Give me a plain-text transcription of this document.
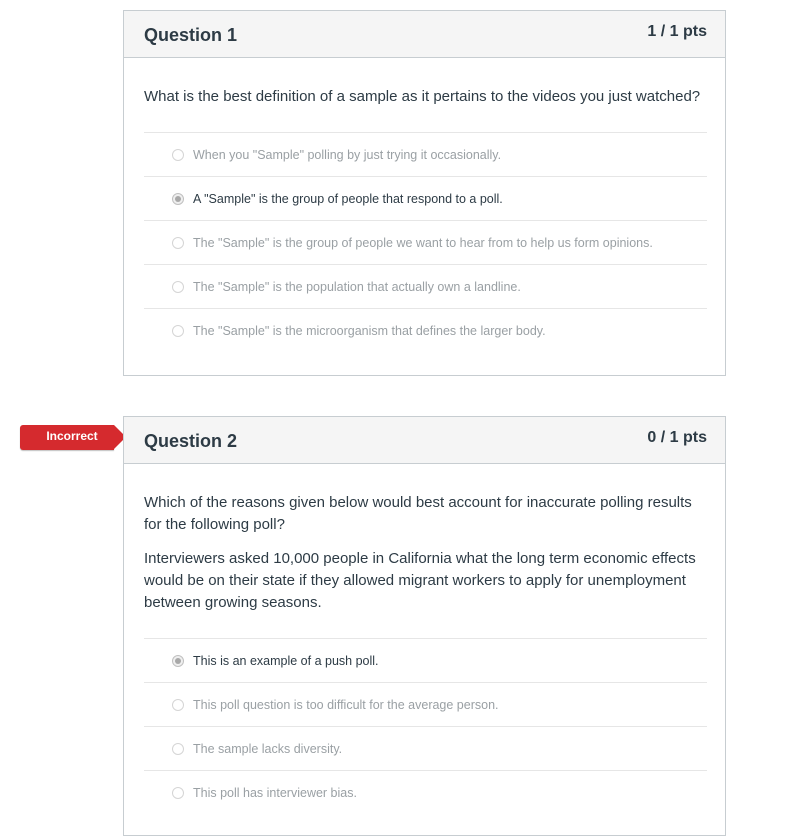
Question 1	1 / 1 pts

What is the best definition of a sample as it pertains to the videos you just watched?

When you "Sample" polling by just trying it occasionally.
A "Sample" is the group of people that respond to a poll.
The "Sample" is the group of people we want to hear from to help us form opinions.
The "Sample" is the population that actually own a landline.
The "Sample" is the microorganism that defines the larger body.
Incorrect	Question 2	0 / 1 pts

Which of the reasons given below would best account for inaccurate polling results for the following poll?

Interviewers asked 10,000 people in California what the long term economic effects would be on their state if they allowed migrant workers to apply for unemployment between growing seasons.

This is an example of a push poll.
This poll question is too difficult for the average person.
The sample lacks diversity.
This poll has interviewer bias.
